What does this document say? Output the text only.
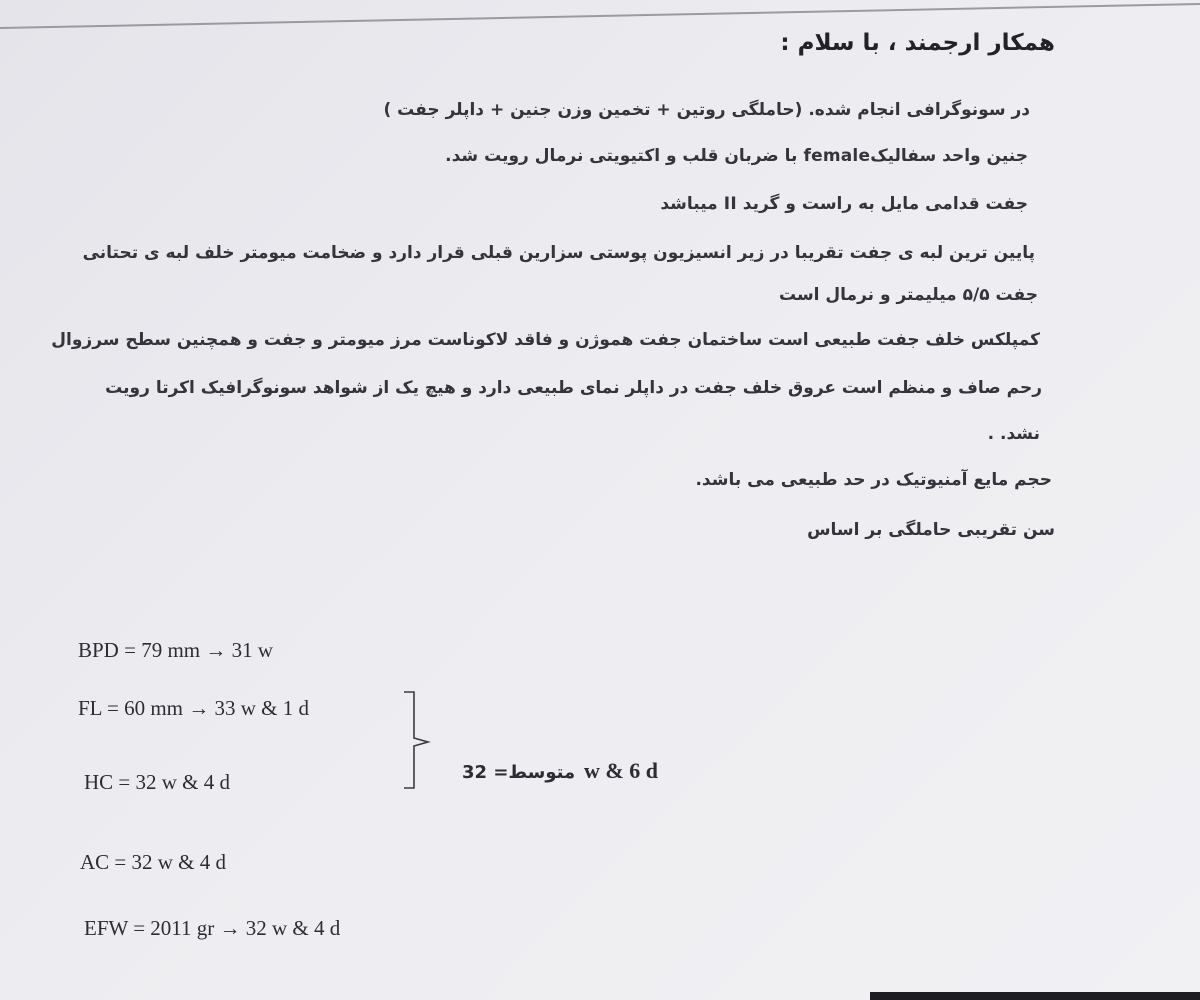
همکار ارجمند ، با سلام :
در سونوگرافی انجام شده. (حاملگی روتین + تخمین وزن جنین + داپلر جفت )
جنین واحد سفالیکfemale با ضربان قلب و اکتیویتی نرمال رویت شد.
جفت قدامی مایل به راست و گرید II میباشد
پایین ترین لبه ی جفت تقریبا در زیر انسیزیون پوستی سزارین قبلی قرار دارد و ضخامت میومتر خلف لبه ی تحتانی
جفت ۵/۵ میلیمتر و نرمال است
کمپلکس خلف جفت طبیعی است ساختمان جفت هموژن و فاقد لاکوناست مرز میومتر و جفت و همچنین سطح سرزوال
رحم صاف و منظم است عروق خلف جفت در داپلر نمای طبیعی دارد و هیچ یک از شواهد سونوگرافیک اکرتا رویت
نشد. .
حجم مایع آمنیوتیک در حد طبیعی می باشد.
سن تقریبی حاملگی بر اساس
BPD = 79 mm → 31 w
FL = 60 mm → 33 w & 1 d
HC = 32 w & 4 d
AC = 32 w & 4 d
EFW = 2011 gr → 32 w & 4 d
متوسط= 32 w & 6 d
